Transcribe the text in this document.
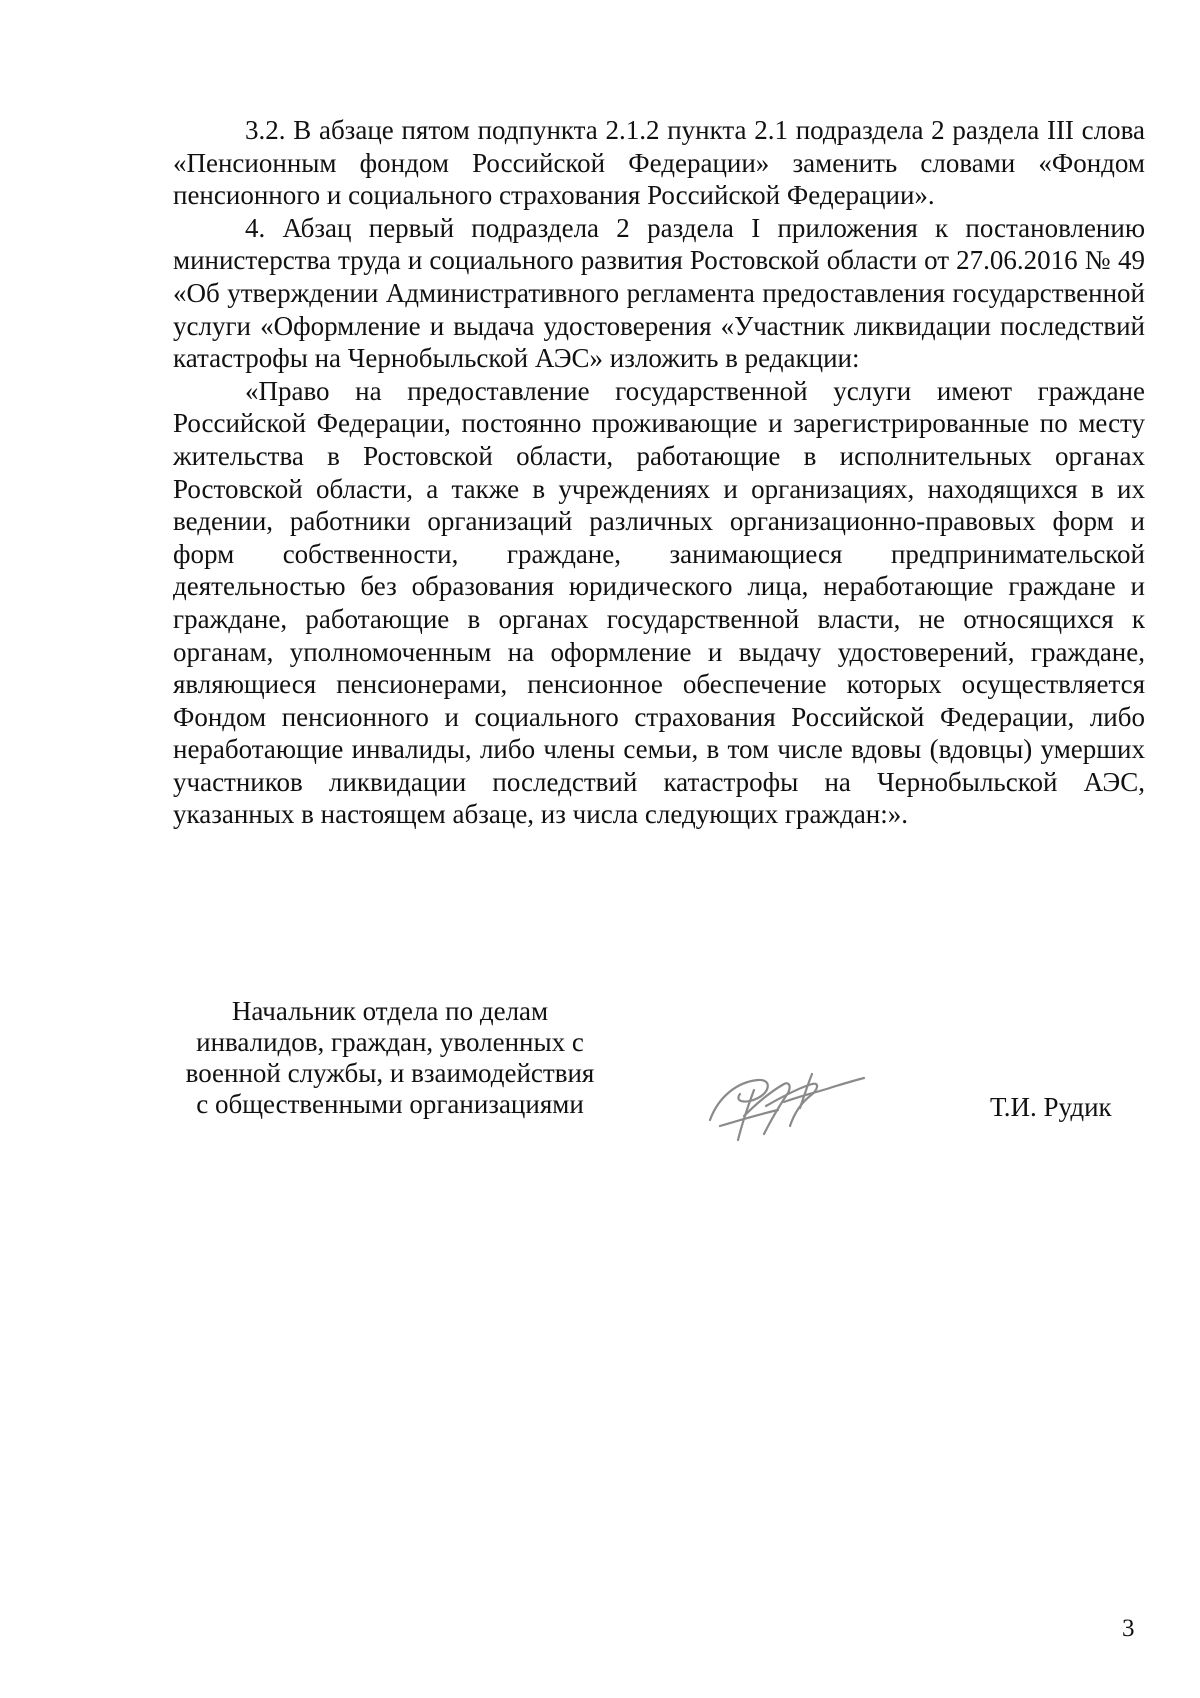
3.2. В абзаце пятом подпункта 2.1.2 пункта 2.1 подраздела 2 раздела III слова «Пенсионным фондом Российской Федерации» заменить словами «Фондом пенсионного и социального страхования Российской Федерации».

4. Абзац первый подраздела 2 раздела I приложения к постановлению министерства труда и социального развития Ростовской области от 27.06.2016 № 49 «Об утверждении Административного регламента предоставления государственной услуги «Оформление и выдача удостоверения «Участник ликвидации последствий катастрофы на Чернобыльской АЭС» изложить в редакции:

«Право на предоставление государственной услуги имеют граждане Российской Федерации, постоянно проживающие и зарегистрированные по месту жительства в Ростовской области, работающие в исполнительных органах Ростовской области, а также в учреждениях и организациях, находящихся в их ведении, работники организаций различных организационно-правовых форм и форм собственности, граждане, занимающиеся предпринимательской деятельностью без образования юридического лица, неработающие граждане и граждане, работающие в органах государственной власти, не относящихся к органам, уполномоченным на оформление и выдачу удостоверений, граждане, являющиеся пенсионерами, пенсионное обеспечение которых осуществляется Фондом пенсионного и социального страхования Российской Федерации, либо неработающие инвалиды, либо члены семьи, в том числе вдовы (вдовцы) умерших участников ликвидации последствий катастрофы на Чернобыльской АЭС, указанных в настоящем абзаце, из числа следующих граждан:».

Начальник отдела по делам
инвалидов, граждан, уволенных с
военной службы, и взаимодействия
с общественными организациями	Т.И. Рудик
3
